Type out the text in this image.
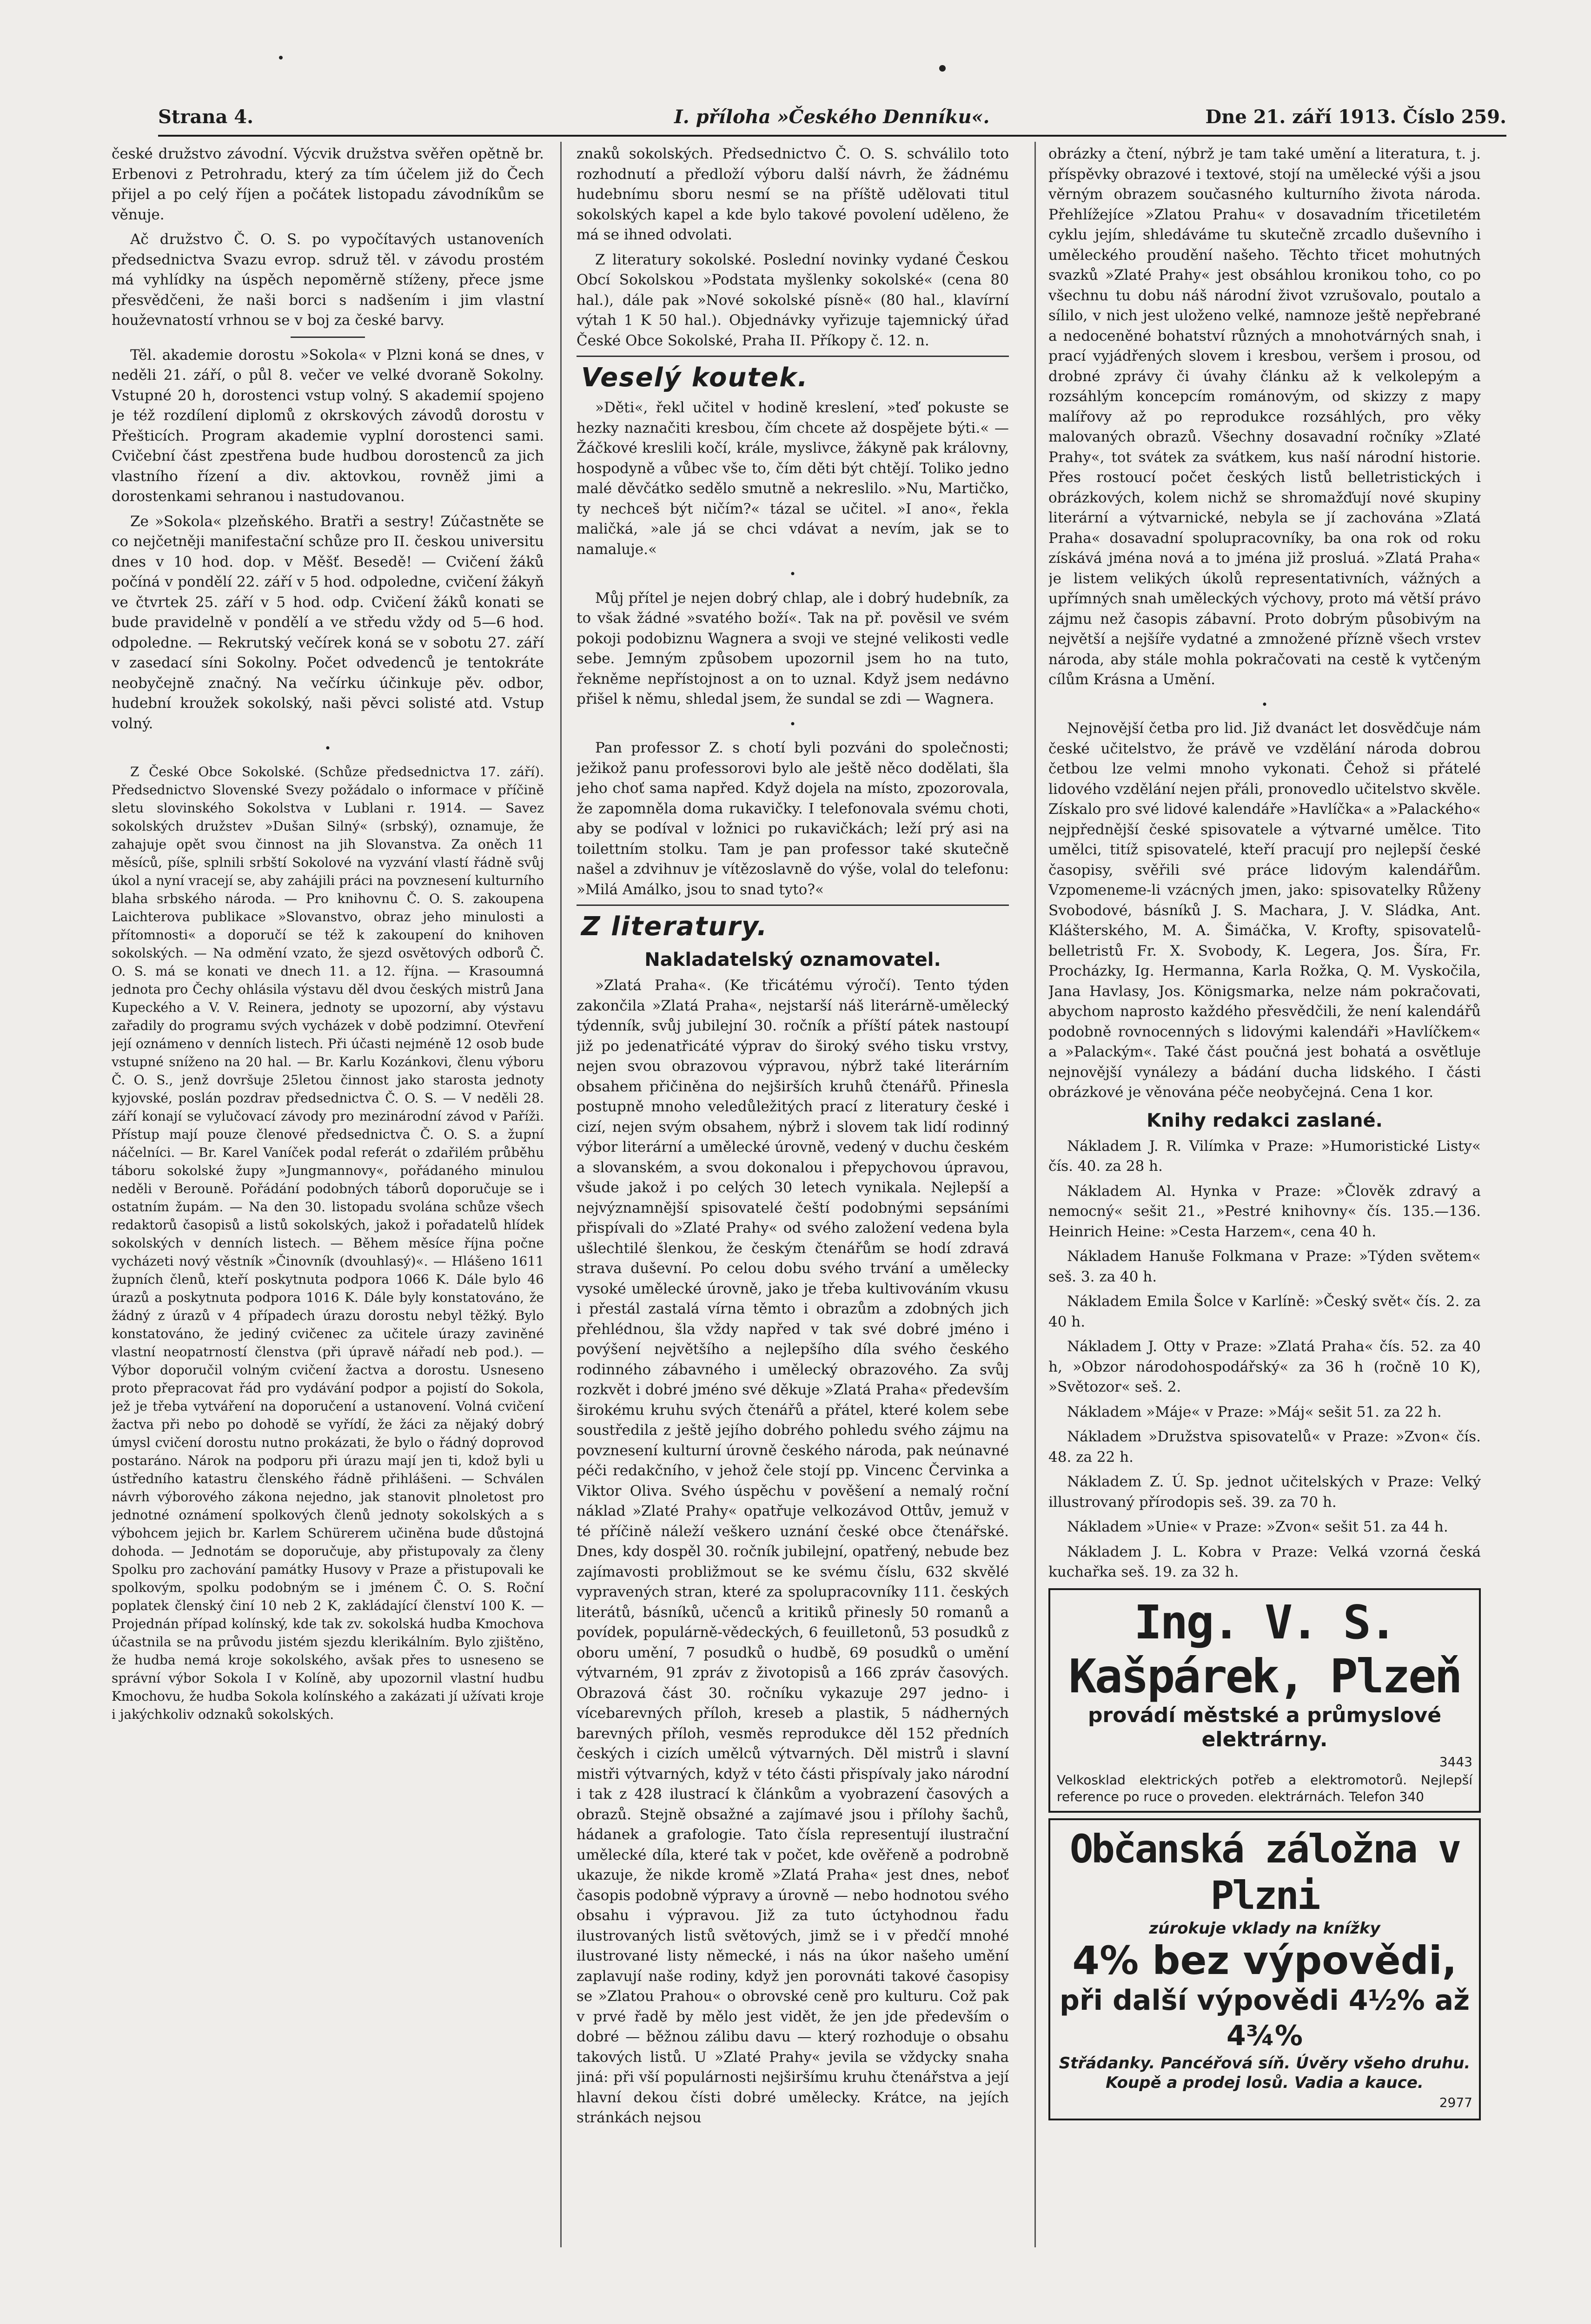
Strana 4.	I. příloha »Českého Denníku«.	Dne 21. září 1913. Číslo 259.

české družstvo závodní. Výcvik družstva svěřen opětně br. Erbenovi z Petrohradu, který za tím účelem již do Čech přijel a po celý říjen a počátek listopadu závodníkům se věnuje.

Ač družstvo Č. O. S. po vypočítavých ustanoveních předsednictva Svazu evrop. sdruž těl. v závodu prostém má vyhlídky na úspěch nepoměrně stíženy, přece jsme přesvědčeni, že naši borci s nadšením i jim vlastní houževnatostí vrhnou se v boj za české barvy.

Těl. akademie dorostu »Sokola« v Plzni koná se dnes, v neděli 21. září, o půl 8. večer ve velké dvoraně Sokolny. Vstupné 20 h, dorostenci vstup volný. S akademií spojeno je též rozdílení diplomů z okrskových závodů dorostu v Přešticích. Program akademie vyplní dorostenci sami. Cvičební část zpestřena bude hudbou dorostenců za jich vlastního řízení a div. aktovkou, rovněž jimi a dorostenkami sehranou i nastudovanou.

Ze »Sokola« plzeňského. Bratři a sestry! Zúčastněte se co nejčetněji manifestační schůze pro II. českou universitu dnes v 10 hod. dop. v Měšť. Besedě! — Cvičení žáků počíná v pondělí 22. září v 5 hod. odpoledne, cvičení žákyň ve čtvrtek 25. září v 5 hod. odp. Cvičení žáků konati se bude pravidelně v pondělí a ve středu vždy od 5—6 hod. odpoledne. — Rekrutský večírek koná se v sobotu 27. září v zasedací síni Sokolny. Počet odvedenců je tentokráte neobyčejně značný. Na večírku účinkuje pěv. odbor, hudební kroužek sokolský, naši pěvci solisté atd. Vstup volný.

•

Z České Obce Sokolské. (Schůze předsednictva 17. září). Předsednictvo Slovenské Svezy požádalo o informace v příčině sletu slovinského Sokolstva v Lublani r. 1914. — Savez sokolských družstev »Dušan Silný« (srbský), oznamuje, že zahajuje opět svou činnost na jih Slovanstva. Za oněch 11 měsíců, píše, splnili srbští Sokolové na vyzvání vlastí řádně svůj úkol a nyní vracejí se, aby zahájili práci na povznesení kulturního blaha srbského národa. — Pro knihovnu Č. O. S. zakoupena Laichterova publikace »Slovanstvo, obraz jeho minulosti a přítomnosti« a doporučí se též k zakoupení do knihoven sokolských. — Na odmění vzato, že sjezd osvětových odborů Č. O. S. má se konati ve dnech 11. a 12. října. — Krasoumná jednota pro Čechy ohlásila výstavu děl dvou českých mistrů Jana Kupeckého a V. V. Reinera, jednoty se upozorní, aby výstavu zařadily do programu svých vycházek v době podzimní. Otevření její oznámeno v denních listech. Při účasti nejméně 12 osob bude vstupné sníženo na 20 hal. — Br. Karlu Kozánkovi, členu výboru Č. O. S., jenž dovršuje 25letou činnost jako starosta jednoty kyjovské, poslán pozdrav předsednictva Č. O. S. — V neděli 28. září konají se vylučovací závody pro mezinárodní závod v Paříži. Přístup mají pouze členové předsednictva Č. O. S. a župní náčelníci. — Br. Karel Vaníček podal referát o zdařilém průběhu táboru sokolské župy »Jungmannovy«, pořádaného minulou neděli v Berouně. Pořádání podobných táborů doporučuje se i ostatním župám. — Na den 30. listopadu svolána schůze všech redaktorů časopisů a listů sokolských, jakož i pořadatelů hlídek sokolských v denních listech. — Během měsíce října počne vycházeti nový věstník »Činovník (dvouhlasý)«. — Hlášeno 1611 župních členů, kteří poskytnuta podpora 1066 K. Dále bylo 46 úrazů a poskytnuta podpora 1016 K. Dále byly konstatováno, že žádný z úrazů v 4 případech úrazu dorostu nebyl těžký. Bylo konstatováno, že jediný cvičenec za učitele úrazy zaviněné vlastní neopatrností členstva (při úpravě nářadí neb pod.). — Výbor doporučil volným cvičení žactva a dorostu. Usneseno proto přepracovat řád pro vydávání podpor a pojistí do Sokola, jež je třeba vytváření na doporučení a ustanovení. Volná cvičení žactva při nebo po dohodě se vyřídí, že žáci za nějaký dobrý úmysl cvičení dorostu nutno prokázati, že bylo o řádný doprovod postaráno. Nárok na podporu při úrazu mají jen ti, kdož byli u ústředního katastru členského řádně přihlášeni. — Schválen návrh výborového zákona nejedno, jak stanovit plnoletost pro jednotné oznámení spolkových členů jednoty sokolských a s výbohcem jejich br. Karlem Schürerem učiněna bude důstojná dohoda. — Jednotám se doporučuje, aby přistupovaly za členy Spolku pro zachování památky Husovy v Praze a přistupovali ke spolkovým, spolku podobným se i jménem Č. O. S. Roční poplatek členský činí 10 neb 2 K, zakládající členství 100 K. — Projednán případ kolínský, kde tak zv. sokolská hudba Kmochova účastnila se na průvodu jistém sjezdu klerikálním. Bylo zjištěno, že hudba nemá kroje sokolského, avšak přes to usneseno se správní výbor Sokola I v Kolíně, aby upozornil vlastní hudbu Kmochovu, že hudba Sokola kolínského a zakázati jí užívati kroje i jakýchkoliv odznaků sokolských.

znaků sokolských. Předsednictvo Č. O. S. schválilo toto rozhodnutí a předloží výboru další návrh, že žádnému hudebnímu sboru nesmí se na příště udělovati titul sokolských kapel a kde bylo takové povolení uděleno, že má se ihned odvolati.

Z literatury sokolské. Poslední novinky vydané Českou Obcí Sokolskou »Podstata myšlenky sokolské« (cena 80 hal.), dále pak »Nové sokolské písně« (80 hal., klavírní výtah 1 K 50 hal.). Objednávky vyřizuje tajemnický úřad České Obce Sokolské, Praha II. Příkopy č. 12. n.

Veselý koutek.

»Děti«, řekl učitel v hodině kreslení, »teď pokuste se hezky naznačiti kresbou, čím chcete až dospějete býti.« — Žáčkové kreslili kočí, krále, myslivce, žákyně pak královny, hospodyně a vůbec vše to, čím děti být chtějí. Toliko jedno malé děvčátko sedělo smutně a nekreslilo. »Nu, Martičko, ty nechceš být ničím?« tázal se učitel. »I ano«, řekla maličká, »ale já se chci vdávat a nevím, jak se to namaluje.«

•

Můj přítel je nejen dobrý chlap, ale i dobrý hudebník, za to však žádné »svatého boží«. Tak na př. pověsil ve svém pokoji podobiznu Wagnera a svoji ve stejné velikosti vedle sebe. Jemným způsobem upozornil jsem ho na tuto, řekněme nepřístojnost a on to uznal. Když jsem nedávno přišel k němu, shledal jsem, že sundal se zdi — Wagnera.

•

Pan professor Z. s chotí byli pozváni do společnosti; ježikož panu professorovi bylo ale ještě něco dodělati, šla jeho choť sama napřed. Když dojela na místo, zpozorovala, že zapomněla doma rukavičky. I telefonovala svému choti, aby se podíval v ložnici po rukavičkách; leží prý asi na toilettním stolku. Tam je pan professor také skutečně našel a zdvihnuv je vítězoslavně do výše, volal do telefonu: »Milá Amálko, jsou to snad tyto?«

Z literatury.
Nakladatelský oznamovatel.

»Zlatá Praha«. (Ke třicátému výročí). Tento týden zakončila »Zlatá Praha«, nejstarší náš literárně-umělecký týdenník, svůj jubilejní 30. ročník a příští pátek nastoupí již po jedenatřicáté výprav do široký svého tisku vrstvy, nejen svou obrazovou výpravou, nýbrž také literárním obsahem přičiněna do nejširších kruhů čtenářů. Přinesla postupně mnoho veledůležitých prací z literatury české i cizí, nejen svým obsahem, nýbrž i slovem tak lidí rodinný výbor literární a umělecké úrovně, vedený v duchu českém a slovanském, a svou dokonalou i přepychovou úpravou, všude jakož i po celých 30 letech vynikala. Nejlepší a nejvýznamnější spisovatelé čeští podobnými sepsáními přispívali do »Zlaté Prahy« od svého založení vedena byla ušlechtilé šlenkou, že českým čtenářům se hodí zdravá strava duševní. Po celou dobu svého trvání a umělecky vysoké umělecké úrovně, jako je třeba kultivováním vkusu i přestál zastalá vírna těmto i obrazům a zdobných jich přehlédnou, šla vždy napřed v tak své dobré jméno i povýšení největšího a nejlepšího díla svého českého rodinného zábavného i umělecký obrazového. Za svůj rozkvět i dobré jméno své děkuje »Zlatá Praha« především širokému kruhu svých čtenářů a přátel, které kolem sebe soustředila z ještě jejího dobrého pohledu svého zájmu na povznesení kulturní úrovně českého národa, pak neúnavné péči redakčního, v jehož čele stojí pp. Vincenc Červinka a Viktor Oliva. Svého úspěchu v pověšení a nemalý roční náklad »Zlaté Prahy« opatřuje velkozávod Ottův, jemuž v té příčině náleží veškero uznání české obce čtenářské. Dnes, kdy dospěl 30. ročník jubilejní, opatřený, nebude bez zajímavosti probližmout se ke svému číslu, 632 skvělé vypravených stran, které za spolupracovníky 111. českých literátů, básníků, učenců a kritiků přinesly 50 romanů a povídek, populárně-vědeckých, 6 feuilletonů, 53 posudků z oboru umění, 7 posudků o hudbě, 69 posudků o umění výtvarném, 91 zpráv z životopisů a 166 zpráv časových. Obrazová část 30. ročníku vykazuje 297 jedno- i vícebarevných příloh, kreseb a plastik, 5 nádherných barevných příloh, vesměs reprodukce děl 152 předních českých i cizích umělců výtvarných. Děl mistrů i slavní mistři výtvarných, když v této části přispívaly jako národní i tak z 428 ilustrací k článkům a vyobrazení časových a obrazů. Stejně obsažné a zajímavé jsou i přílohy šachů, hádanek a grafologie. Tato čísla representují ilustrační umělecké díla, které tak v počet, kde ověřeně a podrobně ukazuje, že nikde kromě »Zlatá Praha« jest dnes, neboť časopis podobně výpravy a úrovně — nebo hodnotou svého obsahu i výpravou. Již za tuto úctyhodnou řadu ilustrovaných listů světových, jimž se i v předčí mnohé ilustrované listy německé, i nás na úkor našeho umění zaplavují naše rodiny, když jen porovnáti takové časopisy se »Zlatou Prahou« o obrovské ceně pro kulturu. Což pak v prvé řadě by mělo jest vidět, že jen jde především o dobré — běžnou zálibu davu — který rozhoduje o obsahu takových listů. U »Zlaté Prahy« jevila se vždycky snaha jiná: při vší populárnosti nejširšímu kruhu čtenářstva a její hlavní dekou čísti dobré umělecky. Krátce, na jejích stránkách nejsou

obrázky a čtení, nýbrž je tam také umění a literatura, t. j. příspěvky obrazové i textové, stojí na umělecké výši a jsou věrným obrazem současného kulturního života národa. Přehlížejíce »Zlatou Prahu« v dosavadním třicetiletém cyklu jejím, shledáváme tu skutečně zrcadlo duševního i uměleckého proudění našeho. Těchto třicet mohutných svazků »Zlaté Prahy« jest obsáhlou kronikou toho, co po všechnu tu dobu náš národní život vzrušovalo, poutalo a sílilo, v nich jest uloženo velké, namnoze ještě nepřebrané a nedoceněné bohatství různých a mnohotvárných snah, i prací vyjádřených slovem i kresbou, veršem i prosou, od drobné zprávy či úvahy článku až k velkolepým a rozsáhlým koncepcím románovým, od skizzy z mapy malířovy až po reprodukce rozsáhlých, pro věky malovaných obrazů. Všechny dosavadní ročníky »Zlaté Prahy«, tot svátek za svátkem, kus naší národní historie. Přes rostoucí počet českých listů belletristických i obrázkových, kolem nichž se shromažďují nové skupiny literární a výtvarnické, nebyla se jí zachována »Zlatá Praha« dosavadní spolupracovníky, ba ona rok od roku získává jména nová a to jména již prosluá. »Zlatá Praha« je listem velikých úkolů representativních, vážných a upřímných snah uměleckých výchovy, proto má větší právo zájmu než časopis zábavní. Proto dobrým působivým na největší a nejšíře vydatné a zmnožené přízně všech vrstev národa, aby stále mohla pokračovati na cestě k vytčeným cílům Krásna a Umění.

•

Nejnovější četba pro lid. Již dvanáct let dosvědčuje nám české učitelstvo, že právě ve vzdělání národa dobrou četbou lze velmi mnoho vykonati. Čehož si přátelé lidového vzdělání nejen přáli, pronovedlo učitelstvo skvěle. Získalo pro své lidové kalendáře »Havlíčka« a »Palackého« nejpřednější české spisovatele a výtvarné umělce. Tito umělci, titíž spisovatelé, kteří pracují pro nejlepší české časopisy, svěřili své práce lidovým kalendářům. Vzpomeneme-li vzácných jmen, jako: spisovatelky Růženy Svobodové, básníků J. S. Machara, J. V. Sládka, Ant. Klášterského, M. A. Šimáčka, V. Krofty, spisovatelů-belletristů Fr. X. Svobody, K. Legera, Jos. Šíra, Fr. Procházky, Ig. Hermanna, Karla Rožka, Q. M. Vyskočila, Jana Havlasy, Jos. Königsmarka, nelze nám pokračovati, abychom naprosto každého přesvědčili, že není kalendářů podobně rovnocenných s lidovými kalendáři »Havlíčkem« a »Palackým«. Také část poučná jest bohatá a osvětluje nejnovější vynálezy a bádání ducha lidského. I části obrázkové je věnována péče neobyčejná. Cena 1 kor.

Knihy redakci zaslané.

Nákladem J. R. Vilímka v Praze: »Humoristické Listy« čís. 40. za 28 h.

Nákladem Al. Hynka v Praze: »Člověk zdravý a nemocný« sešit 21., »Pestré knihovny« čís. 135.—136. Heinrich Heine: »Cesta Harzem«, cena 40 h.

Nákladem Hanuše Folkmana v Praze: »Týden světem« seš. 3. za 40 h.

Nákladem Emila Šolce v Karlíně: »Český svět« čís. 2. za 40 h.

Nákladem J. Otty v Praze: »Zlatá Praha« čís. 52. za 40 h, »Obzor národohospodářský« za 36 h (ročně 10 K), »Světozor« seš. 2.

Nákladem »Máje« v Praze: »Máj« sešit 51. za 22 h.

Nákladem »Družstva spisovatelů« v Praze: »Zvon« čís. 48. za 22 h.

Nákladem Z. Ú. Sp. jednot učitelských v Praze: Velký illustrovaný přírodopis seš. 39. za 70 h.

Nákladem »Unie« v Praze: »Zvon« sešit 51. za 44 h.

Nákladem J. L. Kobra v Praze: Velká vzorná česká kuchařka seš. 19. za 32 h.

Ing. V. S. Kašpárek, Plzeň
provádí městské a průmyslové elektrárny.
3443
Velkosklad elektrických potřeb a elektromotorů. Nejlepší reference po ruce o proveden. elektrárnách. Telefon 340
Občanská záložna v Plzni
zúrokuje vklady na knížky
4% bez výpovědi,
při další výpovědi 4½% až 4¾%
Střádanky. Pancéřová síň. Úvěry všeho druhu. Koupě a prodej losů. Vadia a kauce.
2977
